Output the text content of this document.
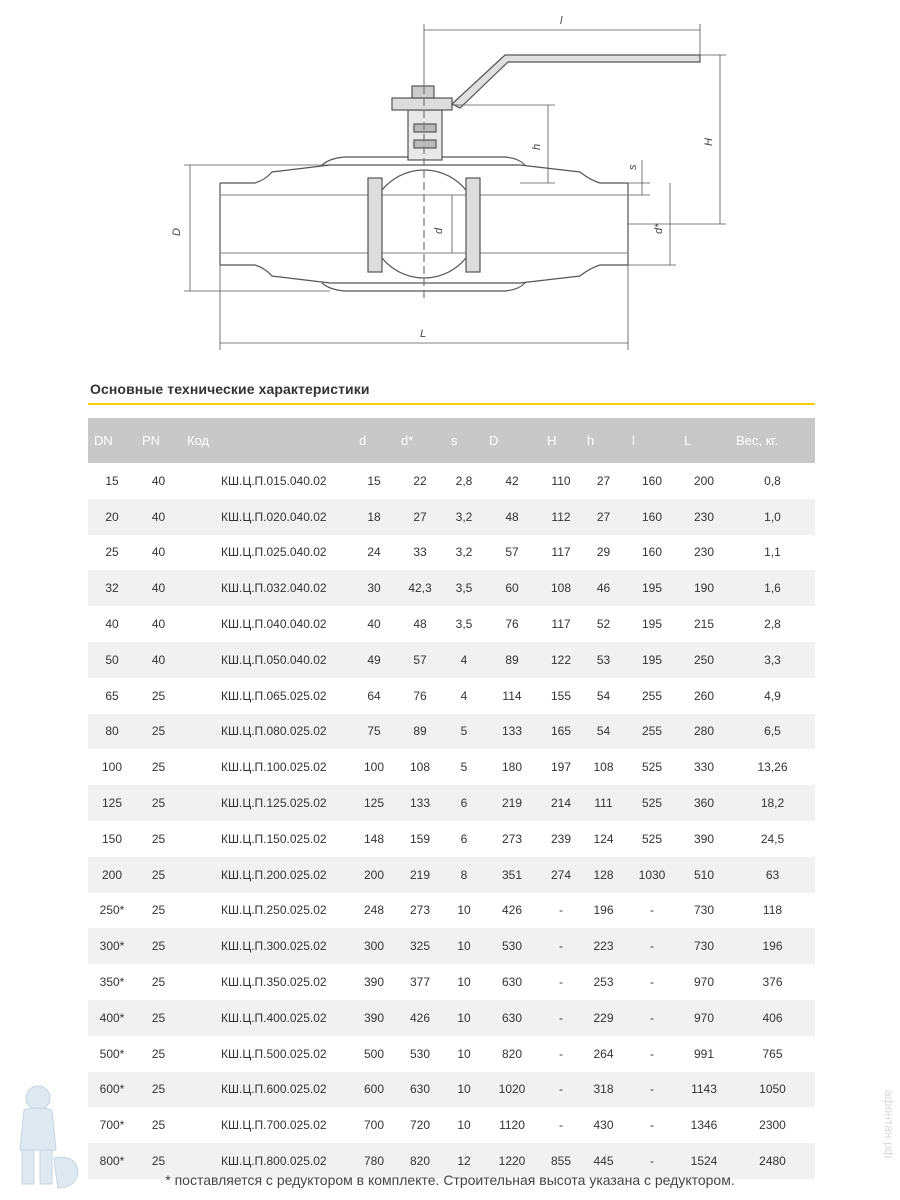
l
H
h
s
d*
D	d
L
Основные технические характеристики
DN	PN	Код	d	d*	s	D	H	h	l	L	Вес, кг.
15	40	КШ.Ц.П.015.040.02	15	22	2,8	42	110	27	160	200	0,8
20	40	КШ.Ц.П.020.040.02	18	27	3,2	48	112	27	160	230	1,0
25	40	КШ.Ц.П.025.040.02	24	33	3,2	57	117	29	160	230	1,1
32	40	КШ.Ц.П.032.040.02	30	42,3	3,5	60	108	46	195	190	1,6
40	40	КШ.Ц.П.040.040.02	40	48	3,5	76	117	52	195	215	2,8
50	40	КШ.Ц.П.050.040.02	49	57	4	89	122	53	195	250	3,3
65	25	КШ.Ц.П.065.025.02	64	76	4	114	155	54	255	260	4,9
80	25	КШ.Ц.П.080.025.02	75	89	5	133	165	54	255	280	6,5
100	25	КШ.Ц.П.100.025.02	100	108	5	180	197	108	525	330	13,26
125	25	КШ.Ц.П.125.025.02	125	133	6	219	214	111	525	360	18,2
150	25	КШ.Ц.П.150.025.02	148	159	6	273	239	124	525	390	24,5
200	25	КШ.Ц.П.200.025.02	200	219	8	351	274	128	1030	510	63
250*	25	КШ.Ц.П.250.025.02	248	273	10	426	-	196	-	730	118
300*	25	КШ.Ц.П.300.025.02	300	325	10	530	-	223	-	730	196
350*	25	КШ.Ц.П.350.025.02	390	377	10	630	-	253	-	970	376
400*	25	КШ.Ц.П.400.025.02	390	426	10	630	-	229	-	970	406
500*	25	КШ.Ц.П.500.025.02	500	530	10	820	-	264	-	991	765
600*	25	КШ.Ц.П.600.025.02	600	630	10	1020	-	318	-	1143	1050
700*	25	КШ.Ц.П.700.025.02	700	720	10	1120	-	430	-	1346	2300
800*	25	КШ.Ц.П.800.025.02	780	820	12	1220	855	445	-	1524	2480
* поставляется с редуктором в комплекте. Строительная высота указана с редуктором.
афонтан.рф
